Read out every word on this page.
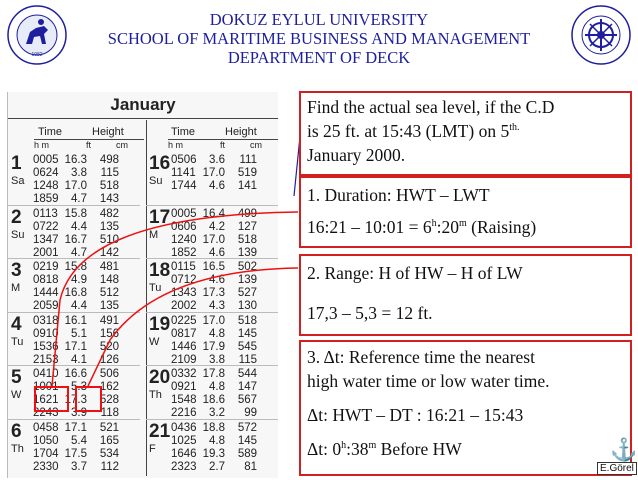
DOKUZ EYLUL UNIVERSITY
SCHOOL OF MARITIME BUSINESS AND MANAGEMENT
DEPARTMENT OF DECK
1982
January
Time	Height	Time	Height
h m	ft	cm	h m	ft	cm
1
Sa
0005 16.3 498
0624 3.8 115
1248 17.0 518
1859 4.7 143
2
Su
0113 15.8 482
0722 4.4 135
1347 16.7 510
2001 4.7 142
3
M
0219 15.8 481
0818 4.9 148
1444 16.8 512
2059 4.4 135
4
Tu
0318 16.1 491
0910 5.1 156
1536 17.1 520
2153 4.1 126
5
W
0410 16.6 506
1001 5.3 162
1621 17.3 528
2243 3.9 118
6
Th
0458 17.1 521
1050 5.4 165
1704 17.5 534
2330 3.7 112
16
Su
0506 3.6 111
1141 17.0 519
1744 4.6 141
17
M
0005 16.4 499
0606 4.2 127
1240 17.0 518
1852 4.6 139
18
Tu
0115 16.5 502
0712 4.6 139
1343 17.3 527
2002 4.3 130
19
W
0225 17.0 518
0817 4.8 145
1446 17.9 545
2109 3.8 115
20
Th
0332 17.8 544
0921 4.8 147
1548 18.6 567
2216 3.2 99
21
F
0436 18.8 572
1025 4.8 145
1646 19.3 589
2323 2.7 81
Find the actual sea level, if the C.D
is 25 ft. at 15:43 (LMT) on $5^{th.}$
January 2000.
1. Duration: HWT – LWT
16:21 – 10:01 = $6^h:20^m$ (Raising)
2. Range: H of HW – H of LW
17,3 – 5,3 = 12 ft.
3. Δt: Reference time the nearest
high water time or low water time.
Δt: HWT – DT : 16:21 – 15:43
Δt: 0$^h$:38$^m$ Before HW	⚓
E.Görel
